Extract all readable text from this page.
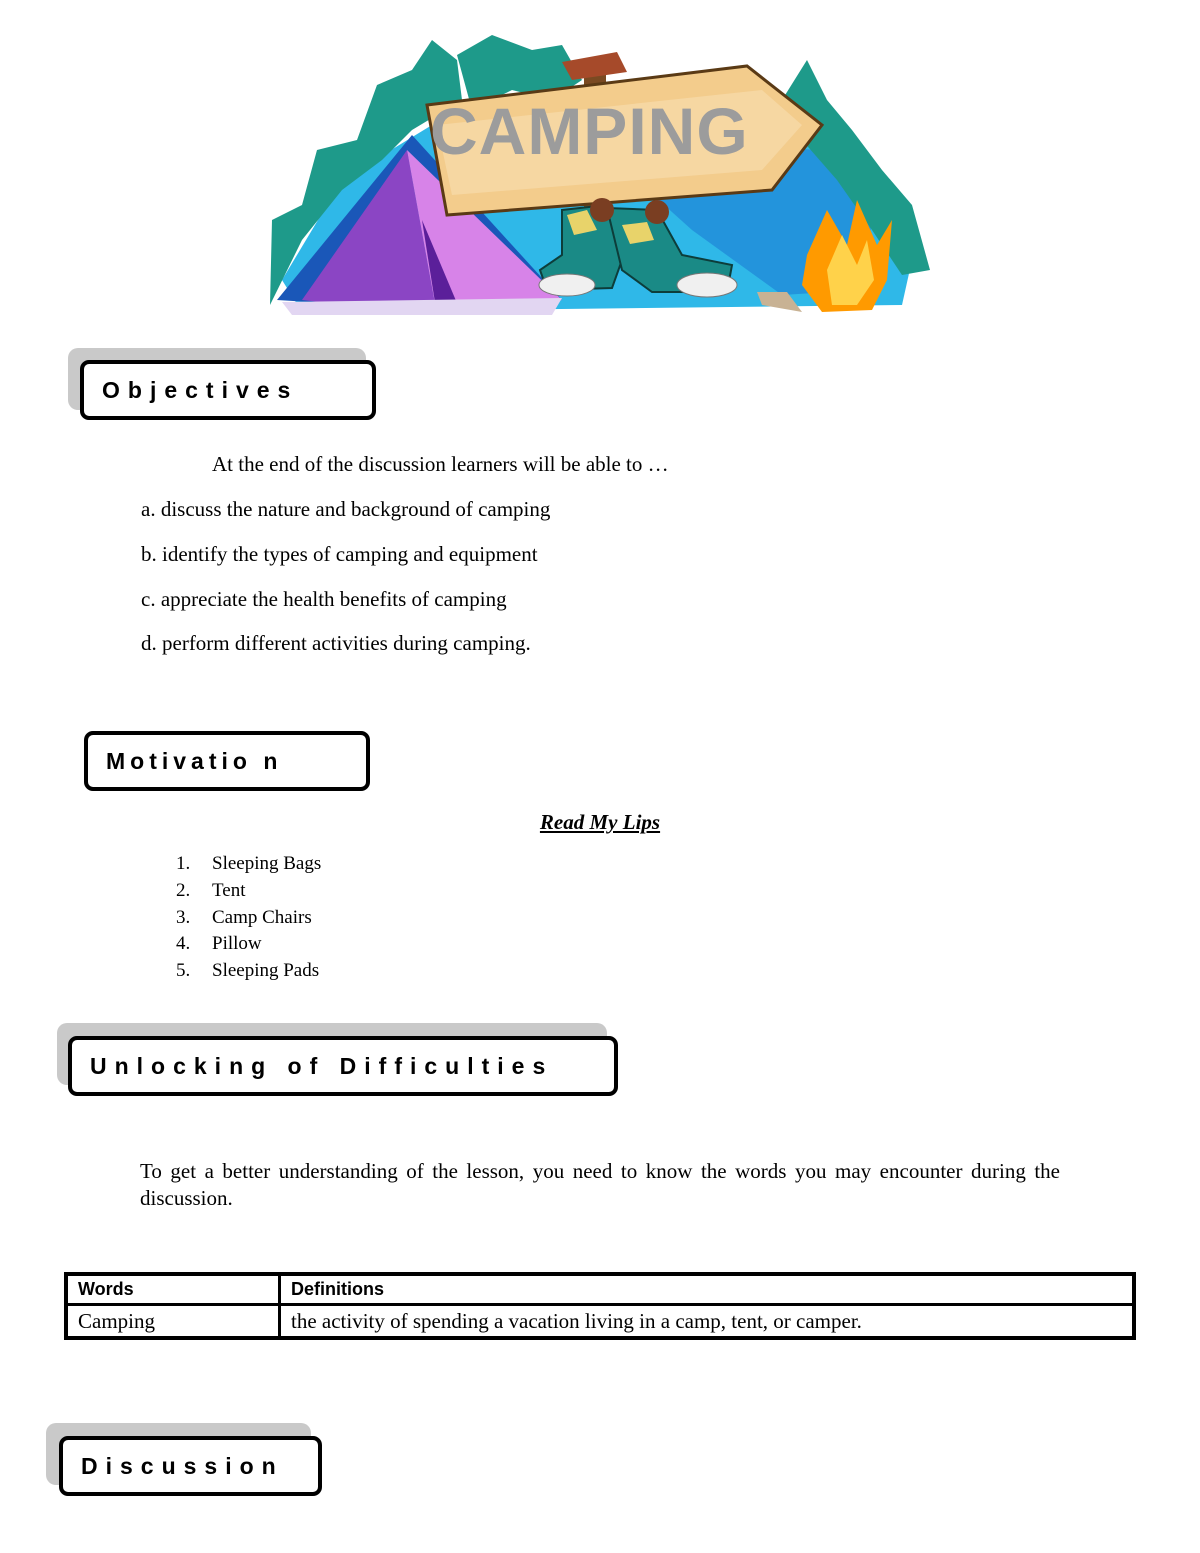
CAMPING
Objectives
At the end of the discussion learners will be able to …
a. discuss the nature and background of camping
b. identify the types of camping and equipment
c. appreciate the health benefits of camping
d. perform different activities during camping.
Motivatio n
Read My Lips
1. Sleeping Bags
2. Tent
3. Camp Chairs
4. Pillow
5. Sleeping Pads
Unlocking of Difficulties
To get a better understanding of the lesson, you need to know the words you may encounter during the discussion.
Words	Definitions
Camping	the activity of spending a vacation living in a camp, tent, or camper.
Discussion
